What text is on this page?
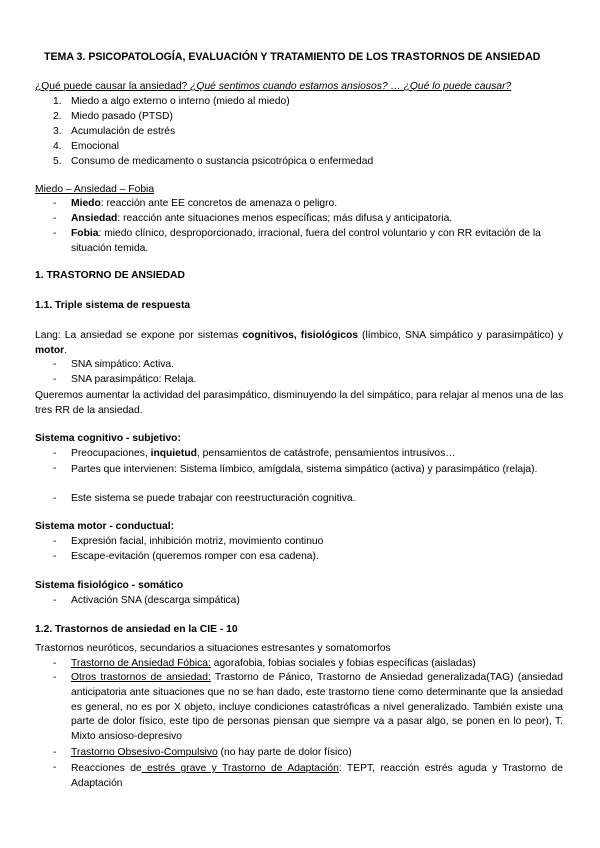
TEMA 3. PSICOPATOLOGÍA, EVALUACIÓN Y TRATAMIENTO DE LOS TRASTORNOS DE ANSIEDAD
¿Qué puede causar la ansiedad? ¿Qué sentimos cuando estamos ansiosos? … ¿Qué lo puede causar?
1. Miedo a algo externo o interno (miedo al miedo)
2. Miedo pasado (PTSD)
3. Acumulación de estrés
4. Emocional
5. Consumo de medicamento o sustancia psicotrópica o enfermedad
Miedo – Ansiedad – Fobia
- Miedo: reacción ante EE concretos de amenaza o peligro.
- Ansiedad: reacción ante situaciones menos específicas; más difusa y anticipatoria.
- Fobia: miedo clínico, desproporcionado, irracional, fuera del control voluntario y con RR evitación de la situación temida.
1. TRASTORNO DE ANSIEDAD
1.1. Triple sistema de respuesta
Lang: La ansiedad se expone por sistemas cognitivos, fisiológicos (límbico, SNA simpático y parasimpático) y motor.
- SNA simpático: Activa.
- SNA parasimpático: Relaja.
Queremos aumentar la actividad del parasimpático, disminuyendo la del simpático, para relajar al menos una de las tres RR de la ansiedad.
Sistema cognitivo - subjetivo:
- Preocupaciones, inquietud, pensamientos de catástrofe, pensamientos intrusivos…
- Partes que intervienen: Sistema límbico, amígdala, sistema simpático (activa) y parasimpático (relaja).
- Este sistema se puede trabajar con reestructuración cognitiva.
Sistema motor - conductual:
- Expresión facial, inhibición motriz, movimiento continuo
- Escape-evitación (queremos romper con esa cadena).
Sistema fisiológico - somático
- Activación SNA (descarga simpática)
1.2. Trastornos de ansiedad en la CIE - 10
Trastornos neuróticos, secundarios a situaciones estresantes y somatomorfos
- Trastorno de Ansiedad Fóbica: agorafobia, fobias sociales y fobias específicas (aisladas)
- Otros trastornos de ansiedad: Trastorno de Pánico, Trastorno de Ansiedad generalizada(TAG) (ansiedad anticipatoria ante situaciones que no se han dado, este trastorno tiene como determinante que la ansiedad es general, no es por X objeto, incluye condiciones catastróficas a nivel generalizado. También existe una parte de dolor físico, este tipo de personas piensan que siempre va a pasar algo, se ponen en lo peor), T. Mixto ansioso-depresivo
- Trastorno Obsesivo-Compulsivo (no hay parte de dolor físico)
- Reacciones de estrés grave y Trastorno de Adaptación: TEPT, reacción estrés aguda y Trastorno de Adaptación
